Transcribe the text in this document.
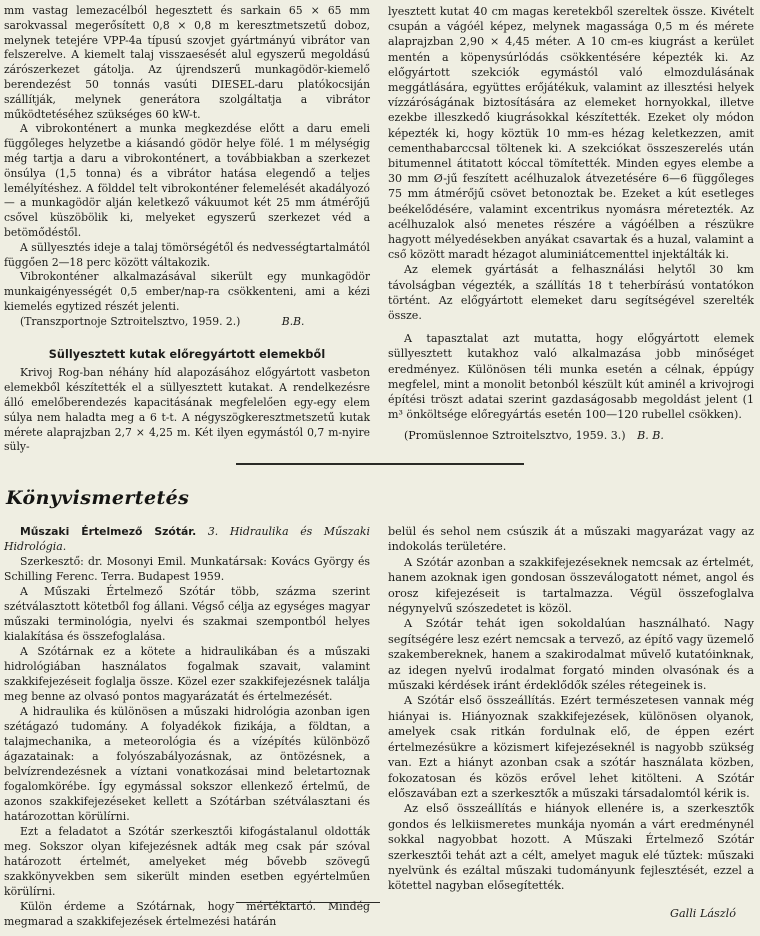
mm vastag lemezacélból hegesztett és sarkain 65 × 65 mm sarokvassal megerősített 0,8 × 0,8 m keresztmetszetű doboz, melynek tetejére VPP-4a típusú szovjet gyártmányú vibrátor van felszerelve. A kiemelt talaj visszaesését alul egyszerű megoldású zárószerkezet gátolja. Az újrendszerű munkagödör-kiemelő berendezést 50 tonnás vasúti DIESEL-daru platókocsiján szállítják, melynek generátora szolgáltatja a vibrátor működtetéséhez szükséges 60 kW-t.

A vibrokonténert a munka megkezdése előtt a daru emeli függőleges helyzetbe a kiásandó gödör helye fölé. 1 m mélységig még tartja a daru a vibrokonténert, a továbbiakban a szerkezet önsúlya (1,5 tonna) és a vibrátor hatása elegendő a teljes lemélyítéshez. A földdel telt vibrokonténer felemelését akadályozó — a munkagödör alján keletkező vákuumot két 25 mm átmérőjű csővel küszöbölik ki, melyeket egyszerű szerkezet véd a betömődéstől.

A süllyesztés ideje a talaj tömörségétől és nedvességtartalmától függően 2—18 perc között váltakozik.

Vibrokonténer alkalmazásával sikerült egy munkagödör munkaigényességét 0,5 ember/nap-ra csökkenteni, ami a kézi kiemelés egytized részét jelenti.

(Transzportnoje Sztroitelsztvo, 1959. 2.)	B.B.

Süllyesztett kutak előregyártott elemekből

Krivoj Rog-ban néhány híd alapozásához előgyártott vasbeton elemekből készítették el a süllyesztett kutakat. A rendelkezésre álló emelőberendezés kapacitásának megfelelően egy-egy elem súlya nem haladta meg a 6 t-t. A négyszögkeresztmetszetű kutak mérete alaprajzban 2,7 × 4,25 m. Két ilyen egymástól 0,7 m-nyire süly-

lyesztett kutat 40 cm magas keretekből szereltek össze. Kivételt csupán a vágóél képez, melynek magassága 0,5 m és mérete alaprajzban 2,90 × 4,45 méter. A 10 cm-es kiugrást a kerület mentén a köpenysúrlódás csökkentésére képezték ki. Az előgyártott szekciók egymástól való elmozdulásának meggátlására, együttes erőjátékuk, valamint az illesztési helyek vízzáróságának biztosítására az elemeket hornyokkal, illetve ezekbe illeszkedő kiugrásokkal készítették. Ezeket oly módon képezték ki, hogy köztük 10 mm-es hézag keletkezzen, amit cementhabarccsal töltenek ki. A szekciókat összeszerelés után bitumennel átitatott kóccal tömítették. Minden egyes elembe a 30 mm Ø-jű feszített acélhuzalok átvezetésére 6—6 függőleges 75 mm átmérőjű csövet betonoztak be. Ezeket a kút esetleges beékelődésére, valamint excentrikus nyomásra méretezték. Az acélhuzalok alsó menetes részére a vágóélben a részükre hagyott mélyedésekben anyákat csavartak és a huzal, valamint a cső között maradt hézagot aluminiátcementtel injektálták ki.

Az elemek gyártását a felhasználási helytől 30 km távolságban végezték, a szállítás 18 t teherbírású vontatókon történt. Az előgyártott elemeket daru segítségével szerelték össze.

A tapasztalat azt mutatta, hogy előgyártott elemek süllyesztett kutakhoz való alkalmazása jobb minőséget eredményez. Különösen téli munka esetén a célnak, éppúgy megfelel, mint a monolit betonból készült kút aminél a krivojrogi építési tröszt adatai szerint gazdaságosabb megoldást jelent (1 m³ önköltsége előregyártás esetén 100—120 rubellel csökken).

(Promüslennoe Sztroitelsztvo, 1959. 3.) B. B.

Könyvismertetés

Műszaki Értelmező Szótár. 3. Hidraulika és Műszaki Hidrológia.

Szerkesztő: dr. Mosonyi Emil. Munkatársak: Kovács György és Schilling Ferenc. Terra. Budapest 1959.

A Műszaki Értelmező Szótár több, százma szerint szétválasztott kötetből fog állani. Végső célja az egységes magyar műszaki terminológia, nyelvi és szakmai szempontból helyes kialakítása és összefoglalása.

A Szótárnak ez a kötete a hidraulikában és a műszaki hidrológiában használatos fogalmak szavait, valamint szakkifejezéseit foglalja össze. Közel ezer szakkifejezésnek találja meg benne az olvasó pontos magyarázatát és értelmezését.

A hidraulika és különösen a műszaki hidrológia azonban igen szétágazó tudomány. A folyadékok fizikája, a földtan, a talajmechanika, a meteorológia és a vízépítés különböző ágazatainak: a folyószabályozásnak, az öntözésnek, a belvízrendezésnek a víztani vonatkozásai mind beletartoznak fogalomkörébe. Így egymással sokszor ellenkező értelmű, de azonos szakkifejezéseket kellett a Szótárban szétválasztani és határozottan körülírni.

Ezt a feladatot a Szótár szerkesztői kifogástalanul oldották meg. Sokszor olyan kifejezésnek adták meg csak pár szóval határozott értelmét, amelyeket még bővebb szövegű szakkönyvekben sem sikerült minden esetben egyértelműen körülírni.

Külön érdeme a Szótárnak, hogy mértéktartó. Mindég megmarad a szakkifejezések értelmezési határán

belül és sehol nem csúszik át a műszaki magyarázat vagy az indokolás területére.

A Szótár azonban a szakkifejezéseknek nemcsak az értelmét, hanem azoknak igen gondosan összeválogatott német, angol és orosz kifejezéseit is tartalmazza. Végül összefoglalva négynyelvű szószedetet is közöl.

A Szótár tehát igen sokoldalúan használható. Nagy segítségére lesz ezért nemcsak a tervező, az építő vagy üzemelő szakembereknek, hanem a szakirodalmat művelő kutatóinknak, az idegen nyelvű irodalmat forgató minden olvasónak és a műszaki kérdések iránt érdeklődők széles rétegeinek is.

A Szótár első összeállítás. Ezért természetesen vannak még hiányai is. Hiányoznak szakkifejezések, különösen olyanok, amelyek csak ritkán fordulnak elő, de éppen ezért értelmezésükre a közismert kifejezéseknél is nagyobb szükség van. Ezt a hiányt azonban csak a szótár használata közben, fokozatosan és közös erővel lehet kitölteni. A Szótár előszavában ezt a szerkesztők a műszaki társadalomtól kérik is.

Az első összeállítás e hiányok ellenére is, a szerkesztők gondos és lelkiismeretes munkája nyomán a várt eredménynél sokkal nagyobbat hozott. A Műszaki Értelmező Szótár szerkesztői tehát azt a célt, amelyet maguk elé tűztek: műszaki nyelvünk és ezáltal műszaki tudományunk fejlesztését, ezzel a kötettel nagyban elősegítették.

Galli László
